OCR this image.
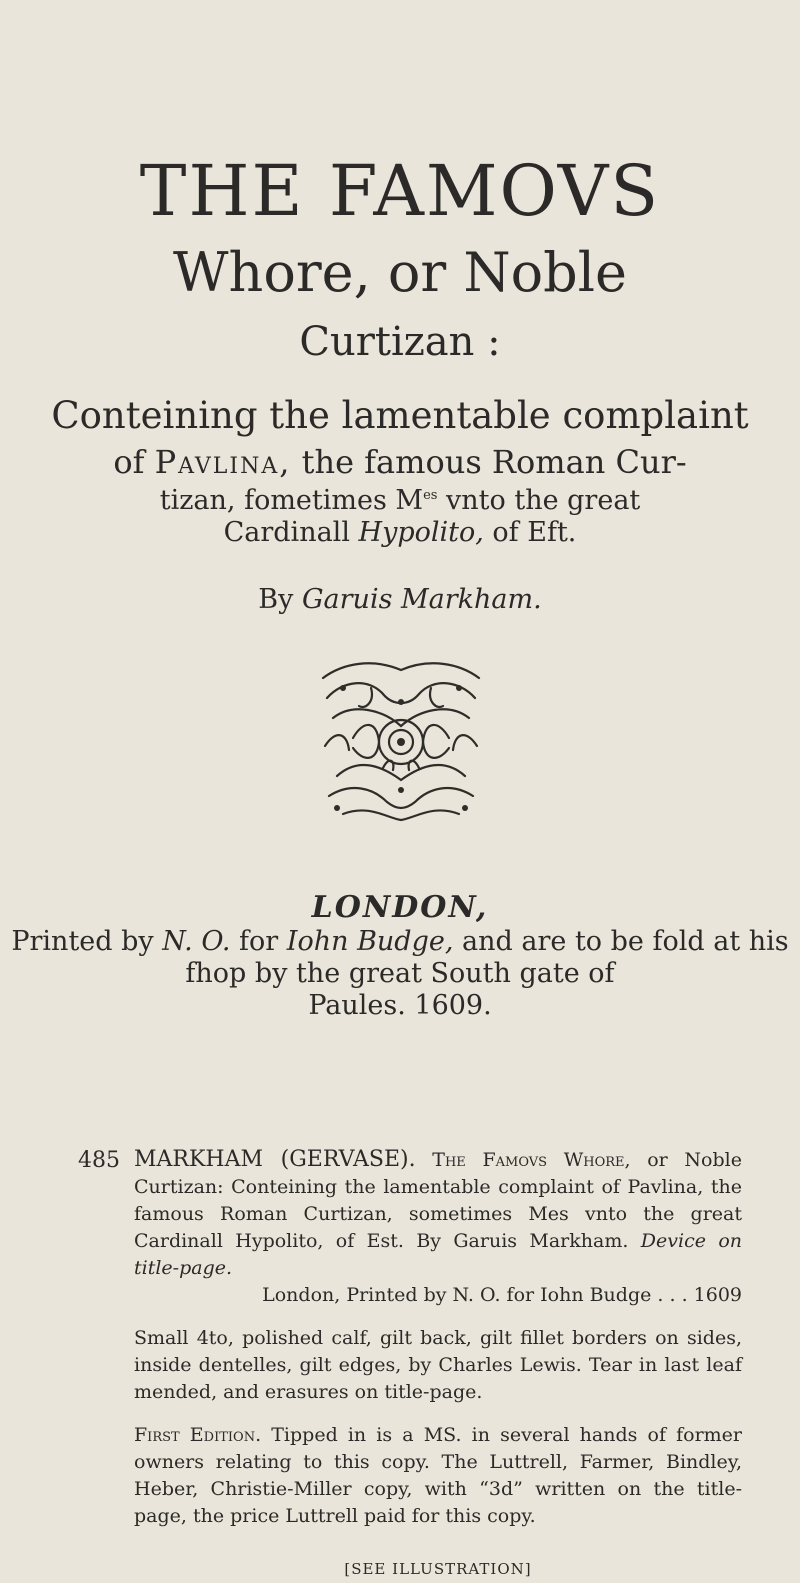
THE FAMOVS
Whore, or Noble
Curtizan :
Conteining the lamentable complaint
of Pavlina, the famous Roman Cur-
tizan, fometimes $M^{es}$ vnto the great
Cardinall Hypolito, of Eft.
By Garuis Markham.
LONDON,
Printed by N. O. for Iohn Budge, and are to be fold at his
fhop by the great South gate of
Paules. 1609.
485 MARKHAM (GERVASE). The Famovs Whore, or Noble Curtizan: Conteining the lamentable complaint of Pavlina, the famous Roman Curtizan, sometimes Mes vnto the great Cardinall Hypolito, of Est. By Garuis Markham. Device on title-page.
London, Printed by N. O. for Iohn Budge . . . 1609

Small 4to, polished calf, gilt back, gilt fillet borders on sides, inside dentelles, gilt edges, by Charles Lewis. Tear in last leaf mended, and erasures on title-page.

First Edition. Tipped in is a MS. in several hands of former owners relating to this copy. The Luttrell, Farmer, Bindley, Heber, Christie-Miller copy, with “3d” written on the title-page, the price Luttrell paid for this copy.

[SEE ILLUSTRATION]
